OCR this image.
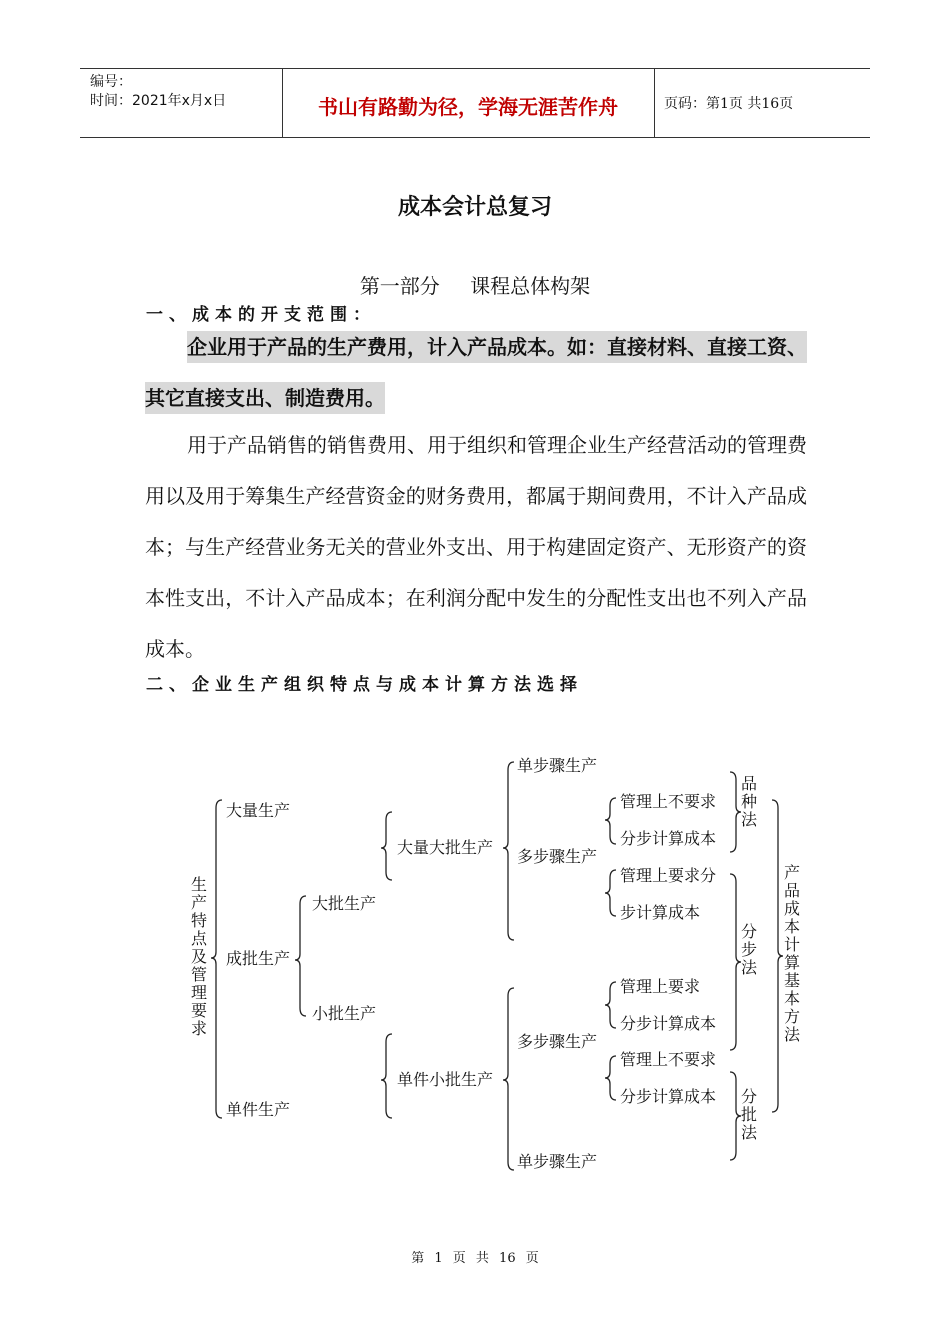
编号：
时间：2021年x月x日	书山有路勤为径，学海无涯苦作舟	页码：第1页 共16页
成本会计总复习
第一部分 课程总体构架
一、成本的开支范围：
企业用于产品的生产费用，计入产品成本。如：直接材料、直接工资、其它直接支出、制造费用。
用于产品销售的销售费用、用于组织和管理企业生产经营活动的管理费用以及用于筹集生产经营资金的财务费用，都属于期间费用，不计入产品成本；与生产经营业务无关的营业外支出、用于构建固定资产、无形资产的资本性支出，不计入产品成本；在利润分配中发生的分配性支出也不列入产品成本。
二、企业生产组织特点与成本计算方法选择
生产特点及管理要求
大量生产
成批生产
单件生产
大批生产
小批生产
大量大批生产
单件小批生产
单步骤生产
多步骤生产
多步骤生产
单步骤生产
管理上不要求
分步计算成本
管理上要求分
步计算成本
管理上要求
分步计算成本
管理上不要求
分步计算成本
品种法
分步法
分批法
产品成本计算基本方法
第 1 页 共 16 页
